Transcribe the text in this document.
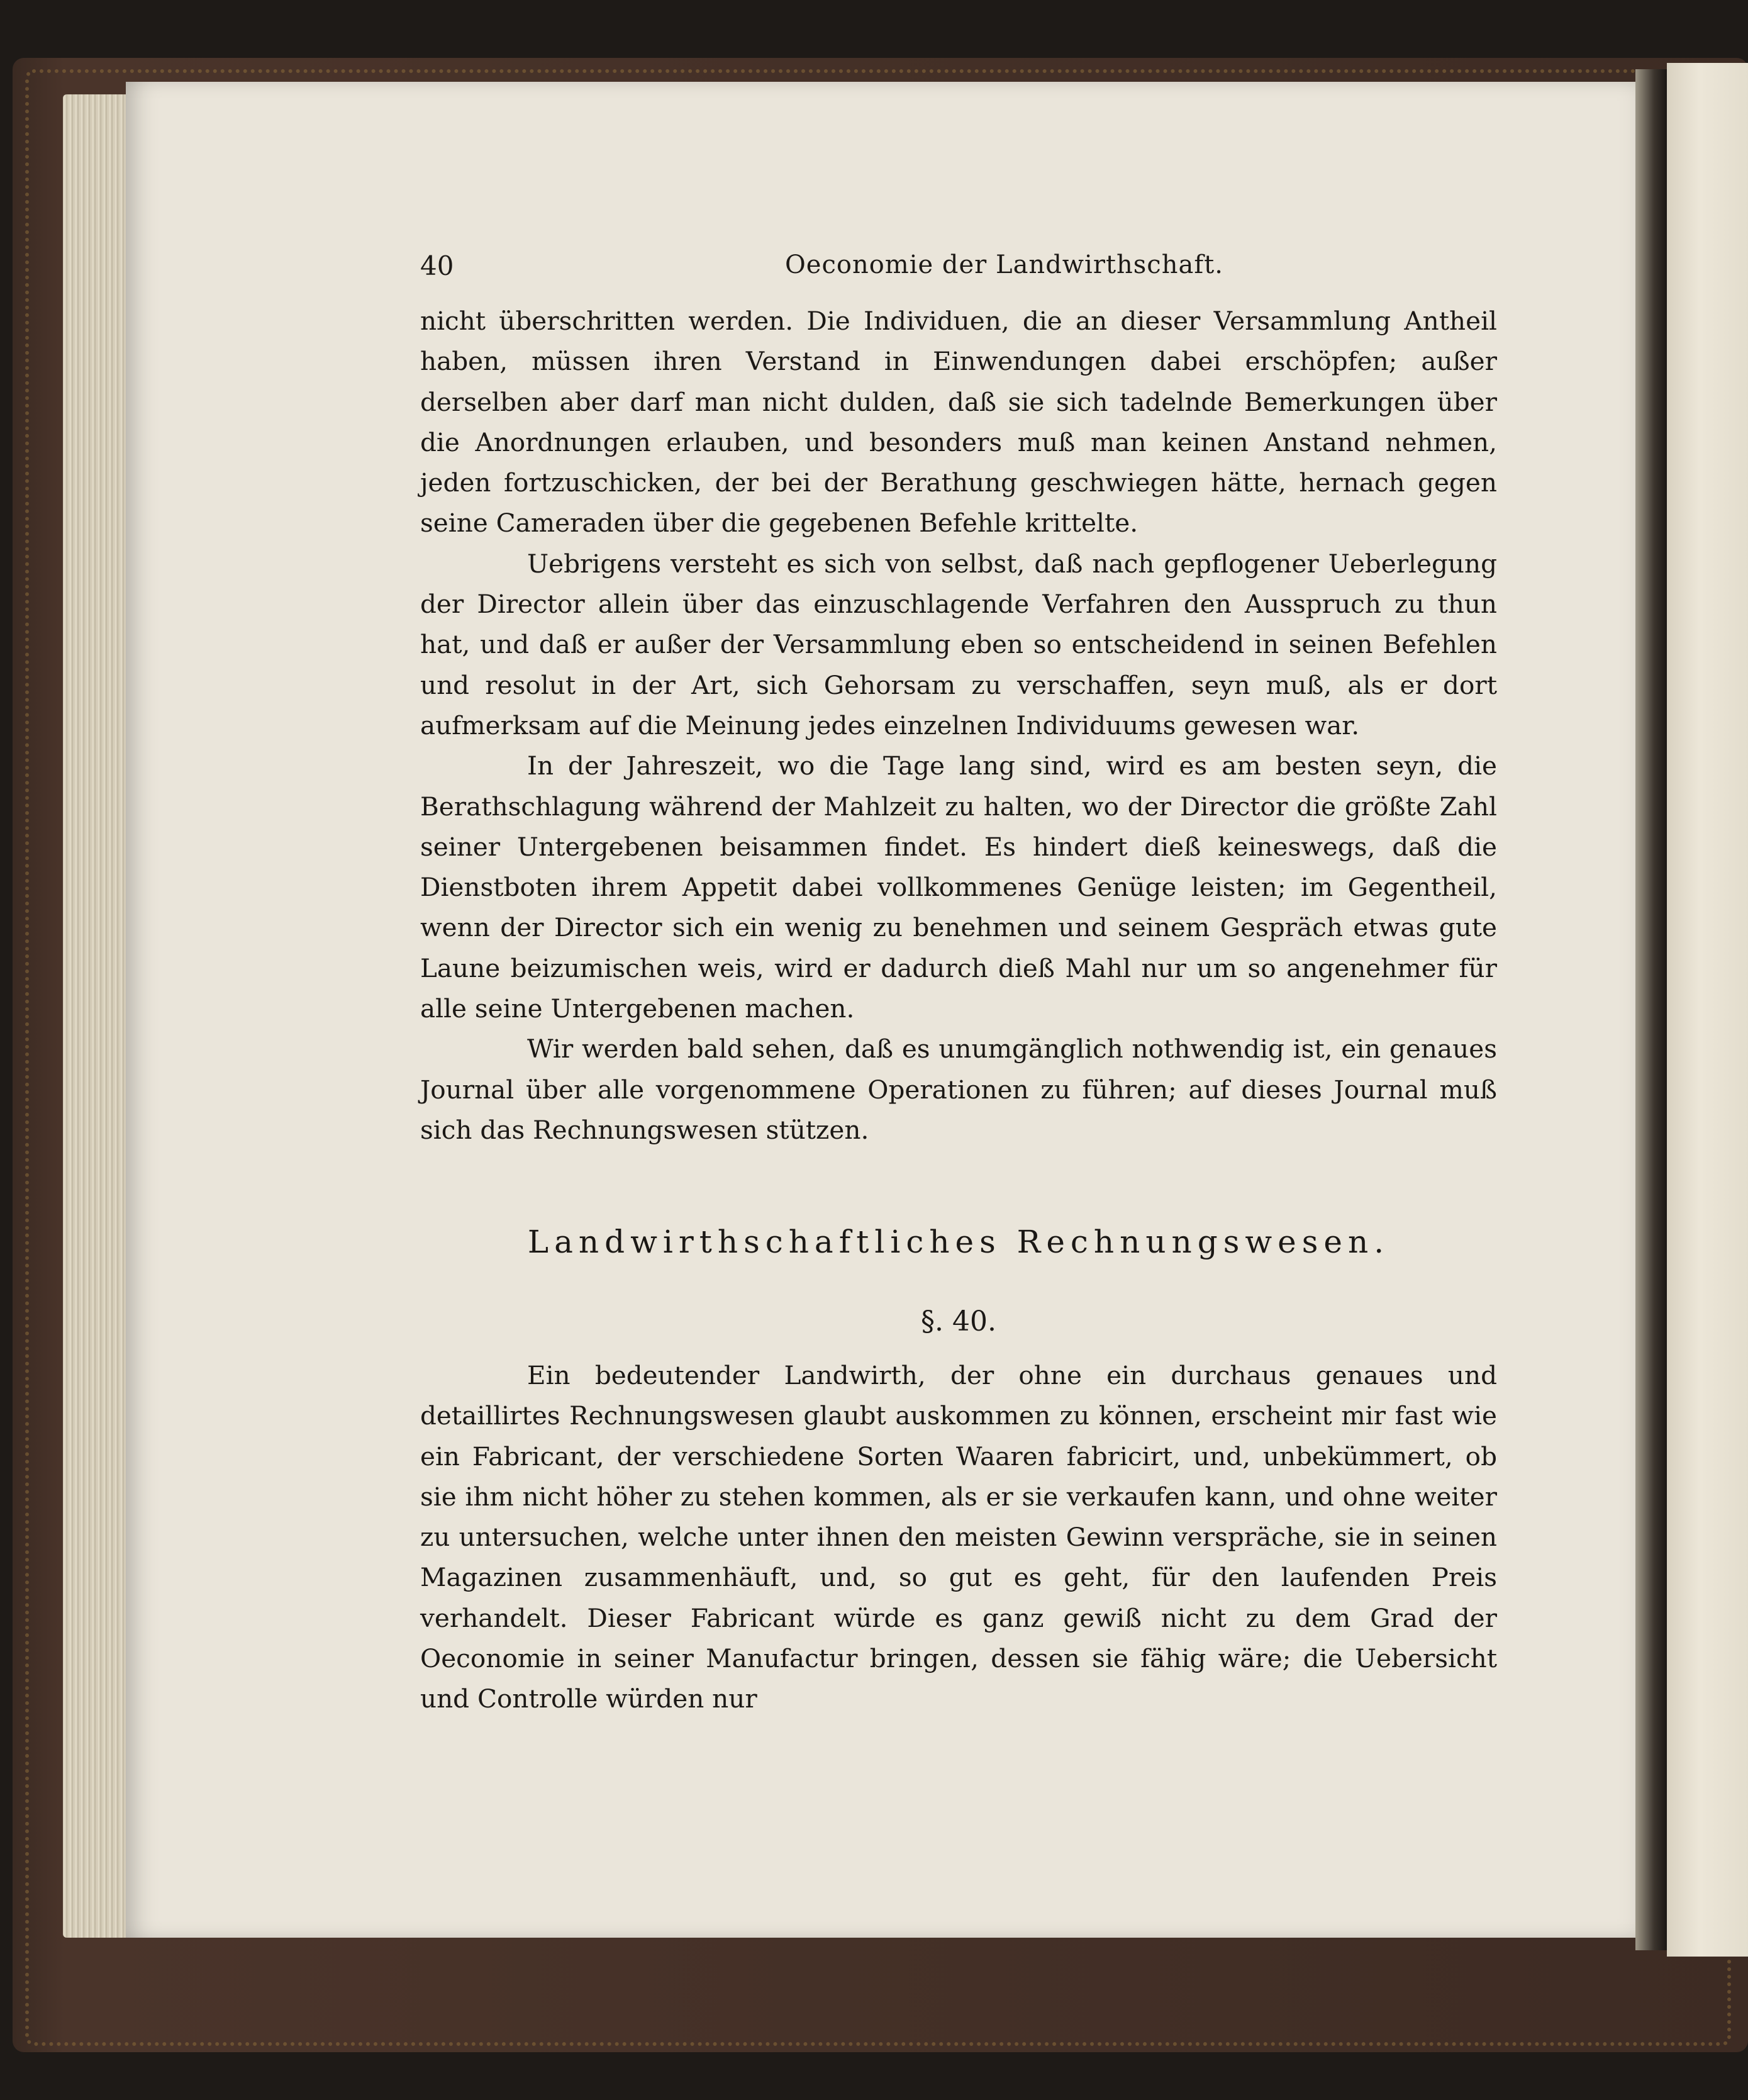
40	Oeconomie der Landwirthschaft.

nicht überschritten werden. Die Individuen, die an dieser Versammlung Antheil haben, müssen ihren Verstand in Einwendungen dabei erschöpfen; außer derselben aber darf man nicht dulden, daß sie sich tadelnde Bemerkungen über die Anordnungen erlauben, und besonders muß man keinen Anstand nehmen, jeden fortzuschicken, der bei der Berathung geschwiegen hätte, hernach gegen seine Cameraden über die gegebenen Befehle krittelte.

Uebrigens versteht es sich von selbst, daß nach gepflogener Ueberlegung der Director allein über das einzuschlagende Verfahren den Ausspruch zu thun hat, und daß er außer der Versammlung eben so entscheidend in seinen Befehlen und resolut in der Art, sich Gehorsam zu verschaffen, seyn muß, als er dort aufmerksam auf die Meinung jedes einzelnen Individuums gewesen war.

In der Jahreszeit, wo die Tage lang sind, wird es am besten seyn, die Berathschlagung während der Mahlzeit zu halten, wo der Director die größte Zahl seiner Untergebenen beisammen findet. Es hindert dieß keineswegs, daß die Dienstboten ihrem Appetit dabei vollkommenes Genüge leisten; im Gegentheil, wenn der Director sich ein wenig zu benehmen und seinem Gespräch etwas gute Laune beizumischen weis, wird er dadurch dieß Mahl nur um so angenehmer für alle seine Untergebenen machen.

Wir werden bald sehen, daß es unumgänglich nothwendig ist, ein genaues Journal über alle vorgenommene Operationen zu führen; auf dieses Journal muß sich das Rechnungswesen stützen.

Landwirthschaftliches Rechnungswesen.
§. 40.

Ein bedeutender Landwirth, der ohne ein durchaus genaues und detaillirtes Rechnungswesen glaubt auskommen zu können, erscheint mir fast wie ein Fabricant, der verschiedene Sorten Waaren fabricirt, und, unbekümmert, ob sie ihm nicht höher zu stehen kommen, als er sie verkaufen kann, und ohne weiter zu untersuchen, welche unter ihnen den meisten Gewinn verspräche, sie in seinen Magazinen zusammenhäuft, und, so gut es geht, für den laufenden Preis verhandelt. Dieser Fabricant würde es ganz gewiß nicht zu dem Grad der Oeconomie in seiner Manufactur bringen, dessen sie fähig wäre; die Uebersicht und Controlle würden nur
